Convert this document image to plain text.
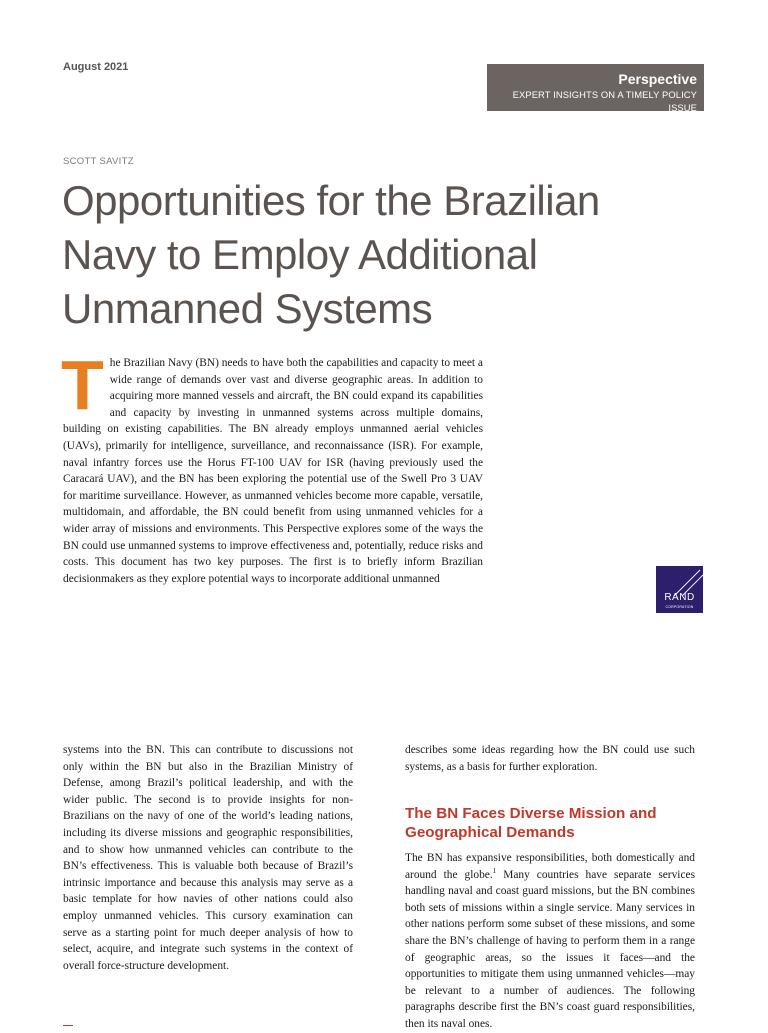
August 2021
Perspective
EXPERT INSIGHTS ON A TIMELY POLICY ISSUE
SCOTT SAVITZ
Opportunities for the Brazilian Navy to Employ Additional Unmanned Systems

The Brazilian Navy (BN) needs to have both the capabilities and capacity to meet a wide range of demands over vast and diverse geographic areas. In addition to acquiring more manned vessels and aircraft, the BN could expand its capabilities and capacity by investing in unmanned systems across multiple domains, building on existing capabilities. The BN already employs unmanned aerial vehicles (UAVs), primarily for intelligence, surveillance, and reconnaissance (ISR). For example, naval infantry forces use the Horus FT-100 UAV for ISR (having previously used the Caracará UAV), and the BN has been exploring the potential use of the Swell Pro 3 UAV for maritime surveillance. However, as unmanned vehicles become more capable, versatile, multidomain, and affordable, the BN could benefit from using unmanned vehicles for a wider array of missions and environments. This Perspective explores some of the ways the BN could use unmanned systems to improve effectiveness and, potentially, reduce risks and costs. This document has two key purposes. The first is to briefly inform Brazilian decisionmakers as they explore potential ways to incorporate additional unmanned

RAND
CORPORATION

systems into the BN. This can contribute to discussions not only within the BN but also in the Brazilian Ministry of Defense, among Brazil’s political leadership, and with the wider public. The second is to provide insights for non-Brazilians on the navy of one of the world’s leading nations, including its diverse missions and geographic responsibilities, and to show how unmanned vehicles can contribute to the BN’s effectiveness. This is valuable both because of Brazil’s intrinsic importance and because this analysis may serve as a basic template for how navies of other nations could also employ unmanned vehicles. This cursory examination can serve as a starting point for much deeper analysis of how to select, acquire, and integrate such systems in the context of overall force-structure development.

describes some ideas regarding how the BN could use such systems, as a basis for further exploration.

The BN Faces Diverse Mission and Geographical Demands

The BN has expansive responsibilities, both domestically and around the globe.$^1$ Many countries have separate services handling naval and coast guard missions, but the BN combines both sets of missions within a single service. Many services in other nations perform some subset of these missions, and some share the BN’s challenge of having to perform them in a range of geographic areas, so the issues it faces—and the opportunities to mitigate them using unmanned vehicles—may be relevant to a number of audiences. The following paragraphs describe first the BN’s coast guard responsibilities, then its naval ones.
